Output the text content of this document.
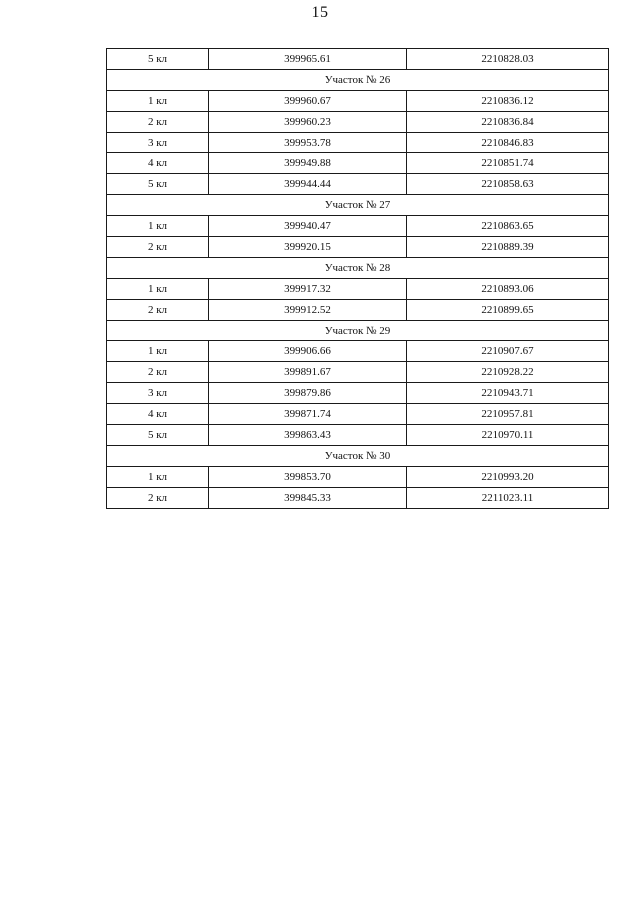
15
5 кл	399965.61	2210828.03
Участок № 26		
1 кл	399960.67	2210836.12
2 кл	399960.23	2210836.84
3 кл	399953.78	2210846.83
4 кл	399949.88	2210851.74
5 кл	399944.44	2210858.63
Участок № 27		
1 кл	399940.47	2210863.65
2 кл	399920.15	2210889.39
Участок № 28		
1 кл	399917.32	2210893.06
2 кл	399912.52	2210899.65
Участок № 29		
1 кл	399906.66	2210907.67
2 кл	399891.67	2210928.22
3 кл	399879.86	2210943.71
4 кл	399871.74	2210957.81
5 кл	399863.43	2210970.11
Участок № 30		
1 кл	399853.70	2210993.20
2 кл	399845.33	2211023.11
